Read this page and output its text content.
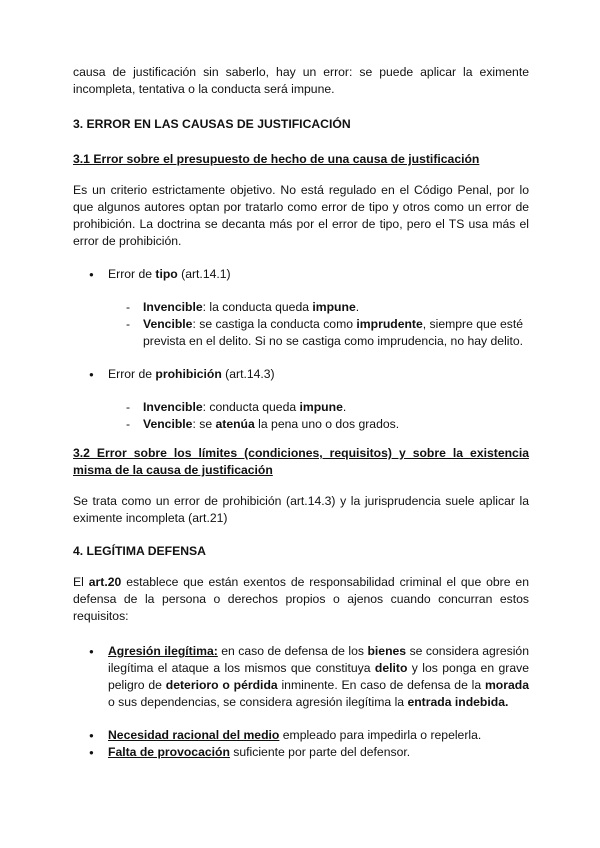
causa de justificación sin saberlo, hay un error: se puede aplicar la eximente incompleta, tentativa o la conducta será impune.

3. ERROR EN LAS CAUSAS DE JUSTIFICACIÓN

3.1 Error sobre el presupuesto de hecho de una causa de justificación

Es un criterio estrictamente objetivo. No está regulado en el Código Penal, por lo que algunos autores optan por tratarlo como error de tipo y otros como un error de prohibición. La doctrina se decanta más por el error de tipo, pero el TS usa más el error de prohibición.

● Error de tipo (art.14.1)
- Invencible: la conducta queda impune.
- Vencible: se castiga la conducta como imprudente, siempre que esté prevista en el delito. Si no se castiga como imprudencia, no hay delito.
● Error de prohibición (art.14.3)
- Invencible: conducta queda impune.
- Vencible: se atenúa la pena uno o dos grados.

3.2 Error sobre los límites (condiciones, requisitos) y sobre la existencia misma de la causa de justificación

Se trata como un error de prohibición (art.14.3) y la jurisprudencia suele aplicar la eximente incompleta (art.21)

4. LEGÍTIMA DEFENSA

El art.20 establece que están exentos de responsabilidad criminal el que obre en defensa de la persona o derechos propios o ajenos cuando concurran estos requisitos:

● Agresión ilegítima: en caso de defensa de los bienes se considera agresión ilegítima el ataque a los mismos que constituya delito y los ponga en grave peligro de deterioro o pérdida inminente. En caso de defensa de la morada o sus dependencias, se considera agresión ilegítima la entrada indebida.
● Necesidad racional del medio empleado para impedirla o repelerla.
● Falta de provocación suficiente por parte del defensor.
